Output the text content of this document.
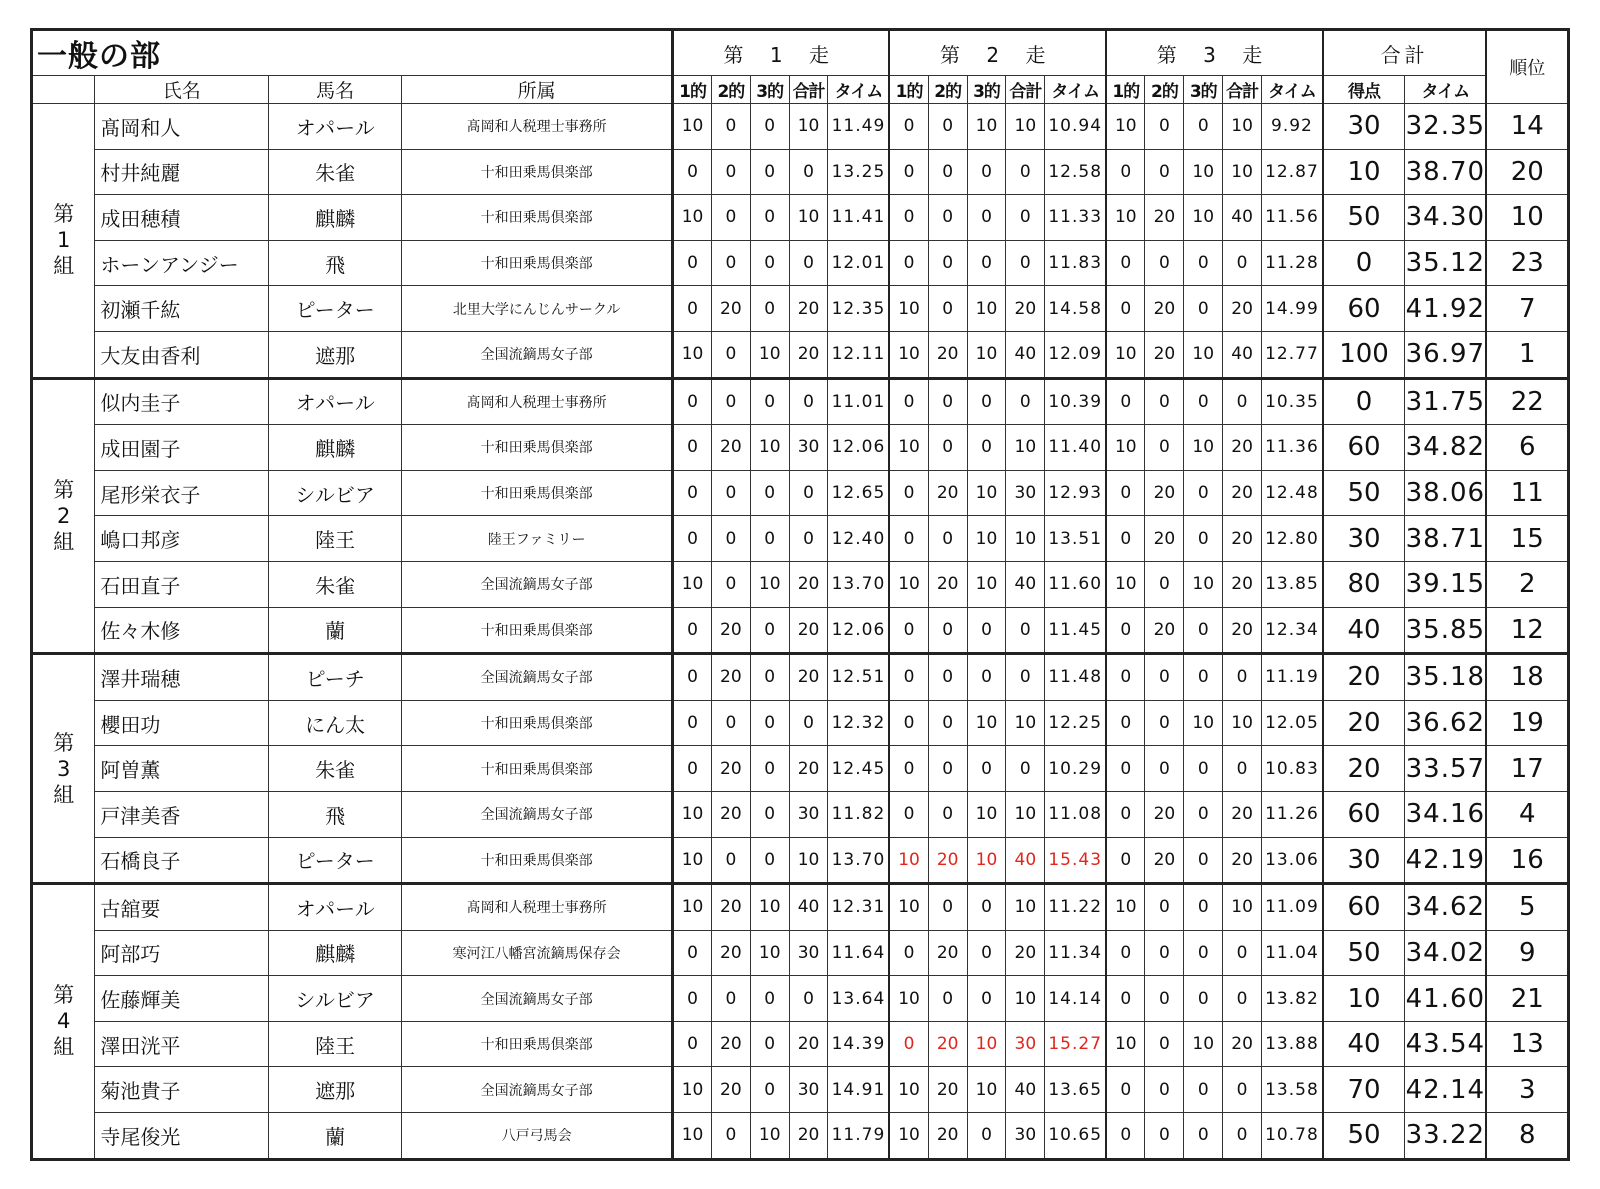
一般の部				第 1 走					第 2 走					第 3 走					合計		順位
	氏名	馬名	所属	1的	2的	3的	合計	タイム	1的	2的	3的	合計	タイム	1的	2的	3的	合計	タイム	得点	タイム	
第
1
組	髙岡和人	オパール	髙岡和人税理士事務所	10	0	0	10	11.49	0	0	10	10	10.94	10	0	0	10	9.92	30	32.35	14
	村井純麗	朱雀	十和田乗馬倶楽部	0	0	0	0	13.25	0	0	0	0	12.58	0	0	10	10	12.87	10	38.70	20
	成田穂積	麒麟	十和田乗馬倶楽部	10	0	0	10	11.41	0	0	0	0	11.33	10	20	10	40	11.56	50	34.30	10
	ホーンアンジー	飛	十和田乗馬倶楽部	0	0	0	0	12.01	0	0	0	0	11.83	0	0	0	0	11.28	0	35.12	23
	初瀬千紘	ピーター	北里大学にんじんサークル	0	20	0	20	12.35	10	0	10	20	14.58	0	20	0	20	14.99	60	41.92	7
	大友由香利	遮那	全国流鏑馬女子部	10	0	10	20	12.11	10	20	10	40	12.09	10	20	10	40	12.77	100	36.97	1
第
2
組	似内圭子	オパール	髙岡和人税理士事務所	0	0	0	0	11.01	0	0	0	0	10.39	0	0	0	0	10.35	0	31.75	22
	成田園子	麒麟	十和田乗馬倶楽部	0	20	10	30	12.06	10	0	0	10	11.40	10	0	10	20	11.36	60	34.82	6
	尾形栄衣子	シルビア	十和田乗馬倶楽部	0	0	0	0	12.65	0	20	10	30	12.93	0	20	0	20	12.48	50	38.06	11
	嶋口邦彦	陸王	陸王ファミリー	0	0	0	0	12.40	0	0	10	10	13.51	0	20	0	20	12.80	30	38.71	15
	石田直子	朱雀	全国流鏑馬女子部	10	0	10	20	13.70	10	20	10	40	11.60	10	0	10	20	13.85	80	39.15	2
	佐々木修	蘭	十和田乗馬倶楽部	0	20	0	20	12.06	0	0	0	0	11.45	0	20	0	20	12.34	40	35.85	12
第
3
組	澤井瑞穂	ピーチ	全国流鏑馬女子部	0	20	0	20	12.51	0	0	0	0	11.48	0	0	0	0	11.19	20	35.18	18
	櫻田功	にん太	十和田乗馬倶楽部	0	0	0	0	12.32	0	0	10	10	12.25	0	0	10	10	12.05	20	36.62	19
	阿曽薫	朱雀	十和田乗馬倶楽部	0	20	0	20	12.45	0	0	0	0	10.29	0	0	0	0	10.83	20	33.57	17
	戸津美香	飛	全国流鏑馬女子部	10	20	0	30	11.82	0	0	10	10	11.08	0	20	0	20	11.26	60	34.16	4
	石橋良子	ピーター	十和田乗馬倶楽部	10	0	0	10	13.70	10	20	10	40	15.43	0	20	0	20	13.06	30	42.19	16
第
4
組	古舘要	オパール	髙岡和人税理士事務所	10	20	10	40	12.31	10	0	0	10	11.22	10	0	0	10	11.09	60	34.62	5
	阿部巧	麒麟	寒河江八幡宮流鏑馬保存会	0	20	10	30	11.64	0	20	0	20	11.34	0	0	0	0	11.04	50	34.02	9
	佐藤輝美	シルビア	全国流鏑馬女子部	0	0	0	0	13.64	10	0	0	10	14.14	0	0	0	0	13.82	10	41.60	21
	澤田洸平	陸王	十和田乗馬倶楽部	0	20	0	20	14.39	0	20	10	30	15.27	10	0	10	20	13.88	40	43.54	13
	菊池貴子	遮那	全国流鏑馬女子部	10	20	0	30	14.91	10	20	10	40	13.65	0	0	0	0	13.58	70	42.14	3
	寺尾俊光	蘭	八戸弓馬会	10	0	10	20	11.79	10	20	0	30	10.65	0	0	0	0	10.78	50	33.22	8
